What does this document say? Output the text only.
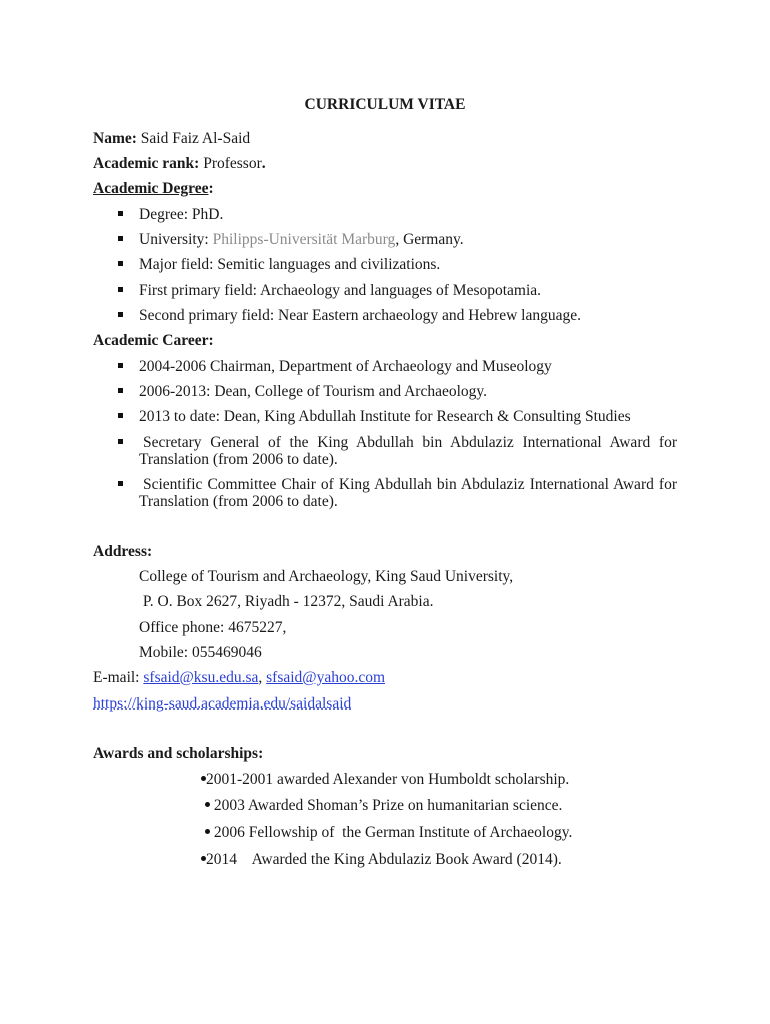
CURRICULUM VITAE
Name: Said Faiz Al-Said
Academic rank: Professor.
Academic Degree:
Degree: PhD.
University: Philipps-Universität Marburg, Germany.
Major field: Semitic languages and civilizations.
First primary field: Archaeology and languages of Mesopotamia.
Second primary field: Near Eastern archaeology and Hebrew language.
Academic Career:
2004-2006 Chairman, Department of Archaeology and Museology
2006-2013: Dean, College of Tourism and Archaeology.
2013 to date: Dean, King Abdullah Institute for Research & Consulting Studies
Secretary General of the King Abdullah bin Abdulaziz International Award for
Translation (from 2006 to date).
Scientific Committee Chair of King Abdullah bin Abdulaziz International Award for
Translation (from 2006 to date).
Address:
College of Tourism and Archaeology, King Saud University,
P. O. Box 2627, Riyadh - 12372, Saudi Arabia.
Office phone: 4675227,
Mobile: 055469046
E-mail: sfsaid@ksu.edu.sa, sfsaid@yahoo.com
https://king-saud.academia.edu/saidalsaid
Awards and scholarships:
2001-2001 awarded Alexander von Humboldt scholarship.
2003 Awarded Shoman’s Prize on humanitarian science.
2006 Fellowship of  the German Institute of Archaeology.
2014    Awarded the King Abdulaziz Book Award (2014).
